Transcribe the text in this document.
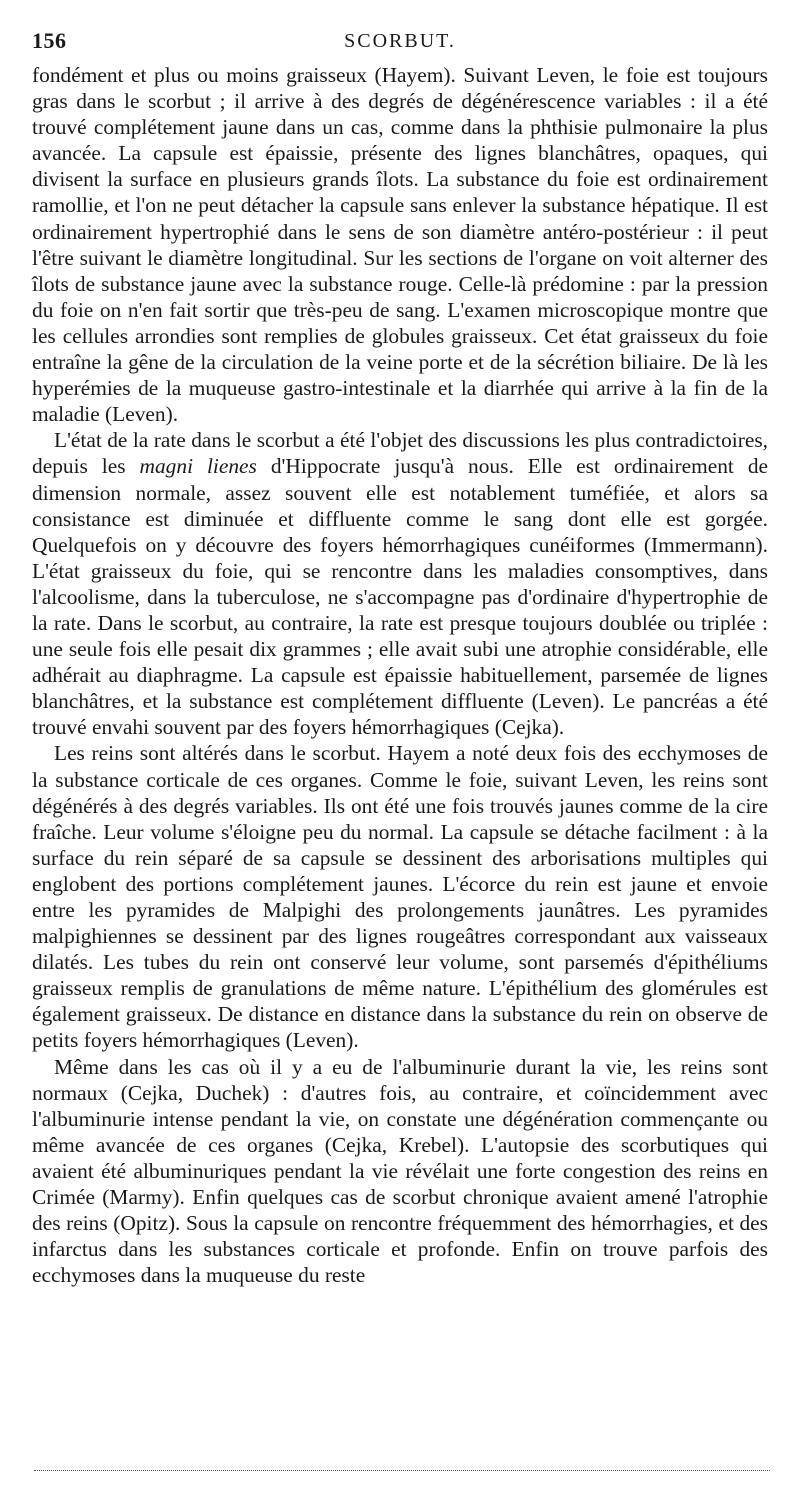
156	SCORBUT.

fondément et plus ou moins graisseux (Hayem). Suivant Leven, le foie est toujours gras dans le scorbut ; il arrive à des degrés de dégénérescence variables : il a été trouvé complétement jaune dans un cas, comme dans la phthisie pulmonaire la plus avancée. La capsule est épaissie, présente des lignes blanchâtres, opaques, qui divisent la surface en plusieurs grands îlots. La substance du foie est ordinairement ramollie, et l'on ne peut détacher la capsule sans enlever la substance hépatique. Il est ordinairement hypertrophié dans le sens de son diamètre antéro-postérieur : il peut l'être suivant le diamètre longitudinal. Sur les sections de l'organe on voit alterner des îlots de substance jaune avec la substance rouge. Celle-là prédomine : par la pression du foie on n'en fait sortir que très-peu de sang. L'examen microscopique montre que les cellules arrondies sont remplies de globules graisseux. Cet état graisseux du foie entraîne la gêne de la circulation de la veine porte et de la sécrétion biliaire. De là les hyperémies de la muqueuse gastro-intestinale et la diarrhée qui arrive à la fin de la maladie (Leven).

L'état de la rate dans le scorbut a été l'objet des discussions les plus contradictoires, depuis les magni lienes d'Hippocrate jusqu'à nous. Elle est ordinairement de dimension normale, assez souvent elle est notablement tuméfiée, et alors sa consistance est diminuée et diffluente comme le sang dont elle est gorgée. Quelquefois on y découvre des foyers hémorrhagiques cunéiformes (Immermann). L'état graisseux du foie, qui se rencontre dans les maladies consomptives, dans l'alcoolisme, dans la tuberculose, ne s'accompagne pas d'ordinaire d'hypertrophie de la rate. Dans le scorbut, au contraire, la rate est presque toujours doublée ou triplée : une seule fois elle pesait dix grammes ; elle avait subi une atrophie considérable, elle adhérait au diaphragme. La capsule est épaissie habituellement, parsemée de lignes blanchâtres, et la substance est complétement diffluente (Leven). Le pancréas a été trouvé envahi souvent par des foyers hémorrhagiques (Cejka).

Les reins sont altérés dans le scorbut. Hayem a noté deux fois des ecchymoses de la substance corticale de ces organes. Comme le foie, suivant Leven, les reins sont dégénérés à des degrés variables. Ils ont été une fois trouvés jaunes comme de la cire fraîche. Leur volume s'éloigne peu du normal. La capsule se détache facilment : à la surface du rein séparé de sa capsule se dessinent des arborisations multiples qui englobent des portions complétement jaunes. L'écorce du rein est jaune et envoie entre les pyramides de Malpighi des prolongements jaunâtres. Les pyramides malpighiennes se dessinent par des lignes rougeâtres correspondant aux vaisseaux dilatés. Les tubes du rein ont conservé leur volume, sont parsemés d'épithéliums graisseux remplis de granulations de même nature. L'épithélium des glomérules est également graisseux. De distance en distance dans la substance du rein on observe de petits foyers hémorrhagiques (Leven).

Même dans les cas où il y a eu de l'albuminurie durant la vie, les reins sont normaux (Cejka, Duchek) : d'autres fois, au contraire, et coïncidemment avec l'albuminurie intense pendant la vie, on constate une dégénération commençante ou même avancée de ces organes (Cejka, Krebel). L'autopsie des scorbutiques qui avaient été albuminuriques pendant la vie révélait une forte congestion des reins en Crimée (Marmy). Enfin quelques cas de scorbut chronique avaient amené l'atrophie des reins (Opitz). Sous la capsule on rencontre fréquemment des hémorrhagies, et des infarctus dans les substances corticale et profonde. Enfin on trouve parfois des ecchymoses dans la muqueuse du reste
